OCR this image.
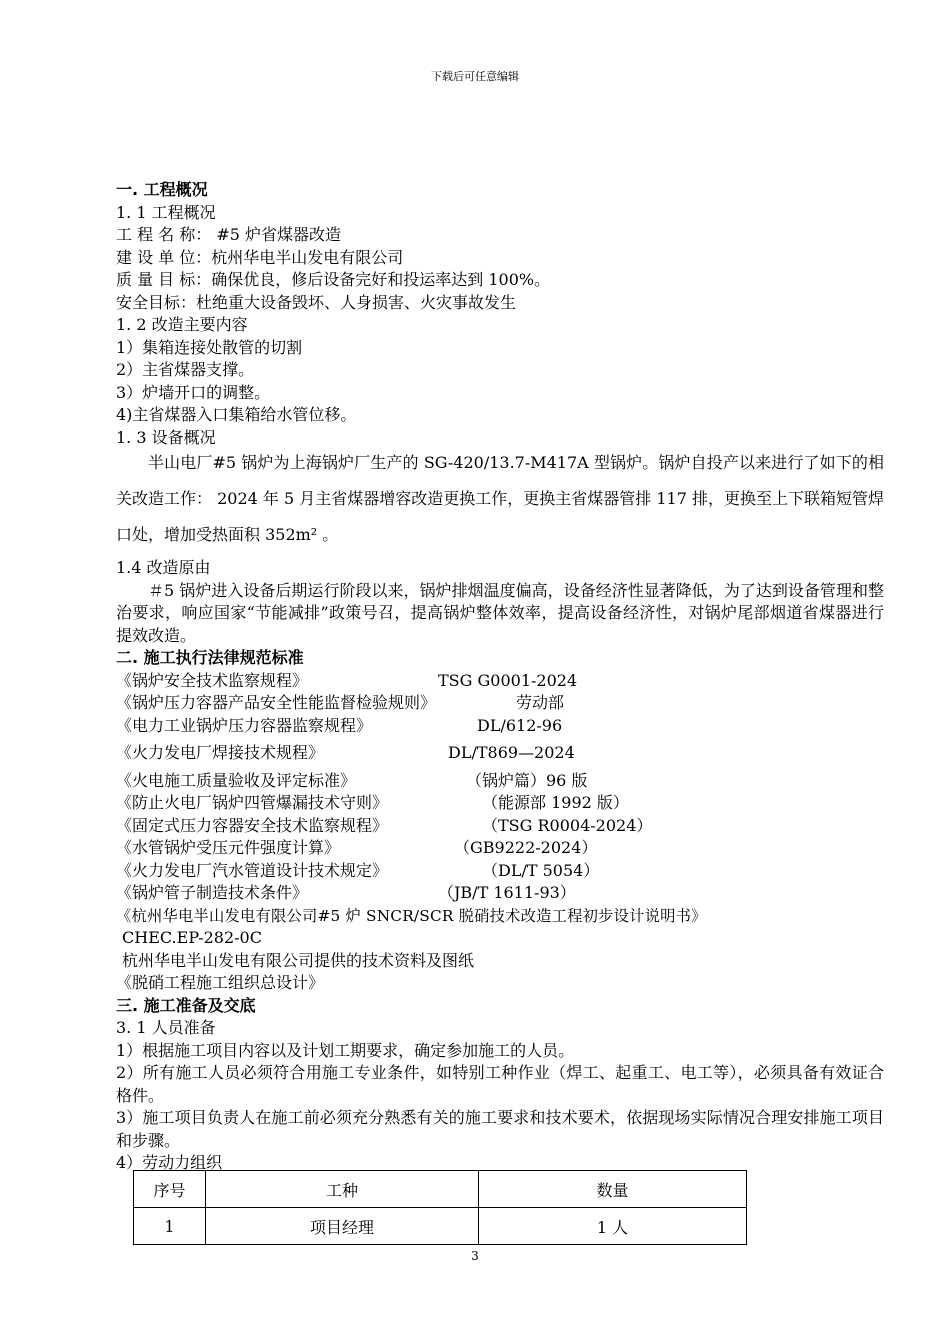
下载后可任意编辑

一. 工程概况

1. 1 工程概况

工 程 名 称： #5 炉省煤器改造

建 设 单 位：杭州华电半山发电有限公司

质 量 目 标：确保优良，修后设备完好和投运率达到 100%。

安全目标：杜绝重大设备毁坏、人身损害、火灾事故发生

1. 2 改造主要内容

1）集箱连接处散管的切割

2）主省煤器支撑。

3）炉墙开口的调整。

4)主省煤器入口集箱给水管位移。

1. 3 设备概况

半山电厂#5 锅炉为上海锅炉厂生产的 SG-420/13.7-M417A 型锅炉。锅炉自投产以来进行了如下的相关改造工作： 2024 年 5 月主省煤器增容改造更换工作，更换主省煤器管排 117 排，更换至上下联箱短管焊口处，增加受热面积 352m² 。

1.4 改造原由

＃5 锅炉进入设备后期运行阶段以来，锅炉排烟温度偏高，设备经济性显著降低，为了达到设备管理和整治要求，响应国家“节能减排”政策号召，提高锅炉整体效率，提高设备经济性，对锅炉尾部烟道省煤器进行提效改造。

二. 施工执行法律规范标准

《锅炉安全技术监察规程》	TSG G0001-2024

《锅炉压力容器产品安全性能监督检验规则》	劳动部

《电力工业锅炉压力容器监察规程》	DL/612-96

《火力发电厂焊接技术规程》	DL/T869—2024

《火电施工质量验收及评定标准》	（锅炉篇）96 版

《防止火电厂锅炉四管爆漏技术守则》	（能源部 1992 版）

《固定式压力容器安全技术监察规程》	（TSG R0004-2024）

《水管锅炉受压元件强度计算》	（GB9222-2024）

《火力发电厂汽水管道设计技术规定》	（DL/T 5054）

《锅炉管子制造技术条件》	（JB/T 1611-93）

《杭州华电半山发电有限公司#5 炉 SNCR/SCR 脱硝技术改造工程初步设计说明书》

CHEC.EP-282-0C

杭州华电半山发电有限公司提供的技术资料及图纸

《脱硝工程施工组织总设计》

三. 施工准备及交底

3. 1 人员准备

1）根据施工项目内容以及计划工期要求，确定参加施工的人员。

2）所有施工人员必须符合用施工专业条件，如特别工种作业（焊工、起重工、电工等），必须具备有效证合格件。

3）施工项目负责人在施工前必须充分熟悉有关的施工要求和技术要术，依据现场实际情况合理安排施工项目和步骤。

4）劳动力组织

序号	工种	数量
1	项目经理	1 人
3
